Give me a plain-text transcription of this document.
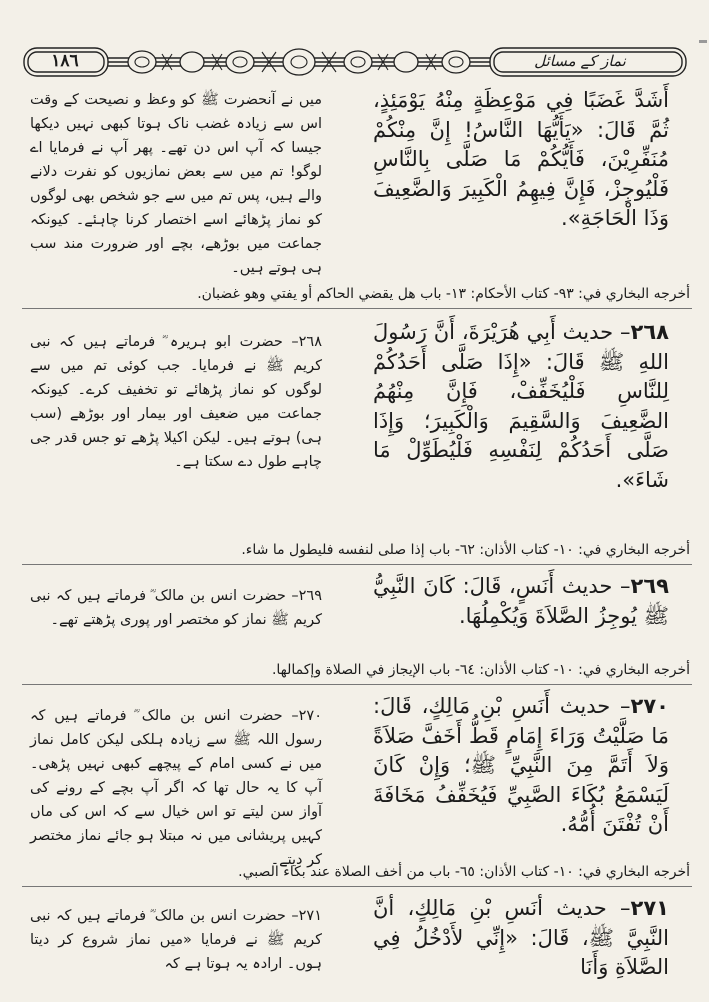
١٨٦	نماز کے مسائل

أَشَدَّ غَضَبًا فِي مَوْعِظَةٍ مِنْهُ يَوْمَئِذٍ، ثُمَّ قَالَ: «يَأَيُّهَا النَّاسُ! إِنَّ مِنْكُمْ مُنَفِّرِيْنَ، فَأَيُّكُمْ مَا صَلَّى بِالنَّاسِ فَلْيُوجِزْ، فَإِنَّ فِيهِمُ الْكَبِيرَ وَالضَّعِيفَ وَذَا الْحَاجَةِ».

میں نے آنحضرت ﷺ کو وعظ و نصیحت کے وقت اس سے زیادہ غضب ناک ہوتا کبھی نہیں دیکھا جیسا کہ آپ اس دن تھے۔ پھر آپ نے فرمایا اے لوگو! تم میں سے بعض نمازیوں کو نفرت دلانے والے ہیں، پس تم میں سے جو شخص بھی لوگوں کو نماز پڑھائے اسے اختصار کرنا چاہئے۔ کیونکہ جماعت میں بوڑھے، بچے اور ضرورت مند سب ہی ہوتے ہیں۔

أخرجه البخاري في: ٩٣- كتاب الأحكام: ١٣- باب هل يقضي الحاكم أو يفتي وهو غضبان.

٢٦٨– حديث أَبِي هُرَيْرَةَ، أَنَّ رَسُولَ اللهِ ﷺ قَالَ: «إِذَا صَلَّى أَحَدُكُمْ لِلنَّاسِ فَلْيُخَفِّفْ، فَإِنَّ مِنْهُمُ الضَّعِيفَ وَالسَّقِيمَ وَالْكَبِيرَ؛ وَإِذَا صَلَّى أَحَدُكُمْ لِنَفْسِهِ فَلْيُطَوِّلْ مَا شَاءَ».

٢٦٨– حضرت ابو ہریرہ ؓ فرماتے ہیں کہ نبی کریم ﷺ نے فرمایا۔ جب کوئی تم میں سے لوگوں کو نماز پڑھائے تو تخفیف کرے۔ کیونکہ جماعت میں ضعیف اور بیمار اور بوڑھے (سب ہی) ہوتے ہیں۔ لیکن اکیلا پڑھے تو جس قدر جی چاہے طول دے سکتا ہے۔

أخرجه البخاري في: ١٠- كتاب الأذان: ٦٢- باب إذا صلى لنفسه فليطول ما شاء.

٢٦٩– حديث أَنَسٍ، قَالَ: كَانَ النَّبِيُّ ﷺ يُوجِزُ الصَّلاَةَ وَيُكْمِلُهَا.

٢٦٩– حضرت انس بن مالک ؓ فرماتے ہیں کہ نبی کریم ﷺ نماز کو مختصر اور پوری پڑھتے تھے۔

أخرجه البخاري في: ١٠- كتاب الأذان: ٦٤- باب الإيجاز في الصلاة وإكمالها.

٢٧٠– حديث أَنَسِ بْنِ مَالِكٍ، قَالَ: مَا صَلَّيْتُ وَرَاءَ إِمَامٍ قَطُّ أَخَفَّ صَلاَةً وَلاَ أَتَمَّ مِنَ النَّبِيِّ ﷺ؛ وَإِنْ كَانَ لَيَسْمَعُ بُكَاءَ الصَّبِيِّ فَيُخَفِّفُ مَخَافَةَ أَنْ تُفْتَنَ أُمُّهُ.

٢٧٠– حضرت انس بن مالک ؓ فرماتے ہیں کہ رسول اللہ ﷺ سے زیادہ ہلکی لیکن کامل نماز میں نے کسی امام کے پیچھے کبھی نہیں پڑھی۔ آپ کا یہ حال تھا کہ اگر آپ بچے کے رونے کی آواز سن لیتے تو اس خیال سے کہ اس کی ماں کہیں پریشانی میں نہ مبتلا ہو جائے نماز مختصر کر دیتے۔

أخرجه البخاري في: ١٠- كتاب الأذان: ٦٥- باب من أخف الصلاة عند بكاء الصبي.

٢٧١– حديث أَنَسِ بْنِ مَالِكٍ، أَنَّ النَّبِيَّ ﷺ، قَالَ: «إِنِّي لأَدْخُلُ فِي الصَّلاَةِ وَأَنَا

٢٧١– حضرت انس بن مالک ؓ فرماتے ہیں کہ نبی کریم ﷺ نے فرمایا «میں نماز شروع کر دیتا ہوں۔ ارادہ یہ ہوتا ہے کہ
